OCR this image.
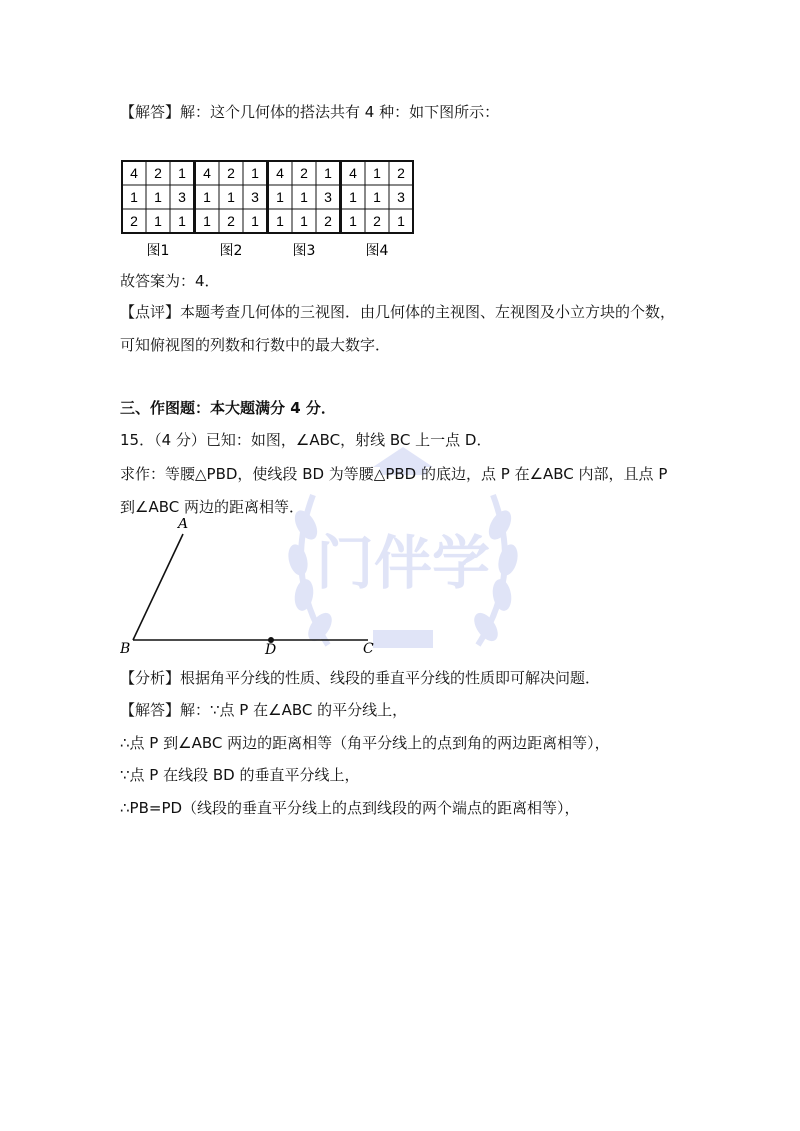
门伴学
【解答】解：这个几何体的搭法共有 4 种：如下图所示：
4 2 1
1 1 3
2 1 1
图1
4 2 1
1 1 3
1 2 1
图2
4 2 1
1 1 3
1 1 2
图3
4 1 2
1 1 3
1 2 1
图4
故答案为：4．
【点评】本题考查几何体的三视图．由几何体的主视图、左视图及小立方块的个数，可知俯视图的列数和行数中的最大数字．
三、作图题：本大题满分 4 分．
15．（4 分）已知：如图，∠ABC，射线 BC 上一点 D．
求作：等腰△PBD，使线段 BD 为等腰△PBD 的底边，点 P 在∠ABC 内部，且点 P 到∠ABC 两边的距离相等．
A
B	D	C
【分析】根据角平分线的性质、线段的垂直平分线的性质即可解决问题．
【解答】解：∵点 P 在∠ABC 的平分线上，
∴点 P 到∠ABC 两边的距离相等（角平分线上的点到角的两边距离相等），
∵点 P 在线段 BD 的垂直平分线上，
∴PB=PD（线段的垂直平分线上的点到线段的两个端点的距离相等），
